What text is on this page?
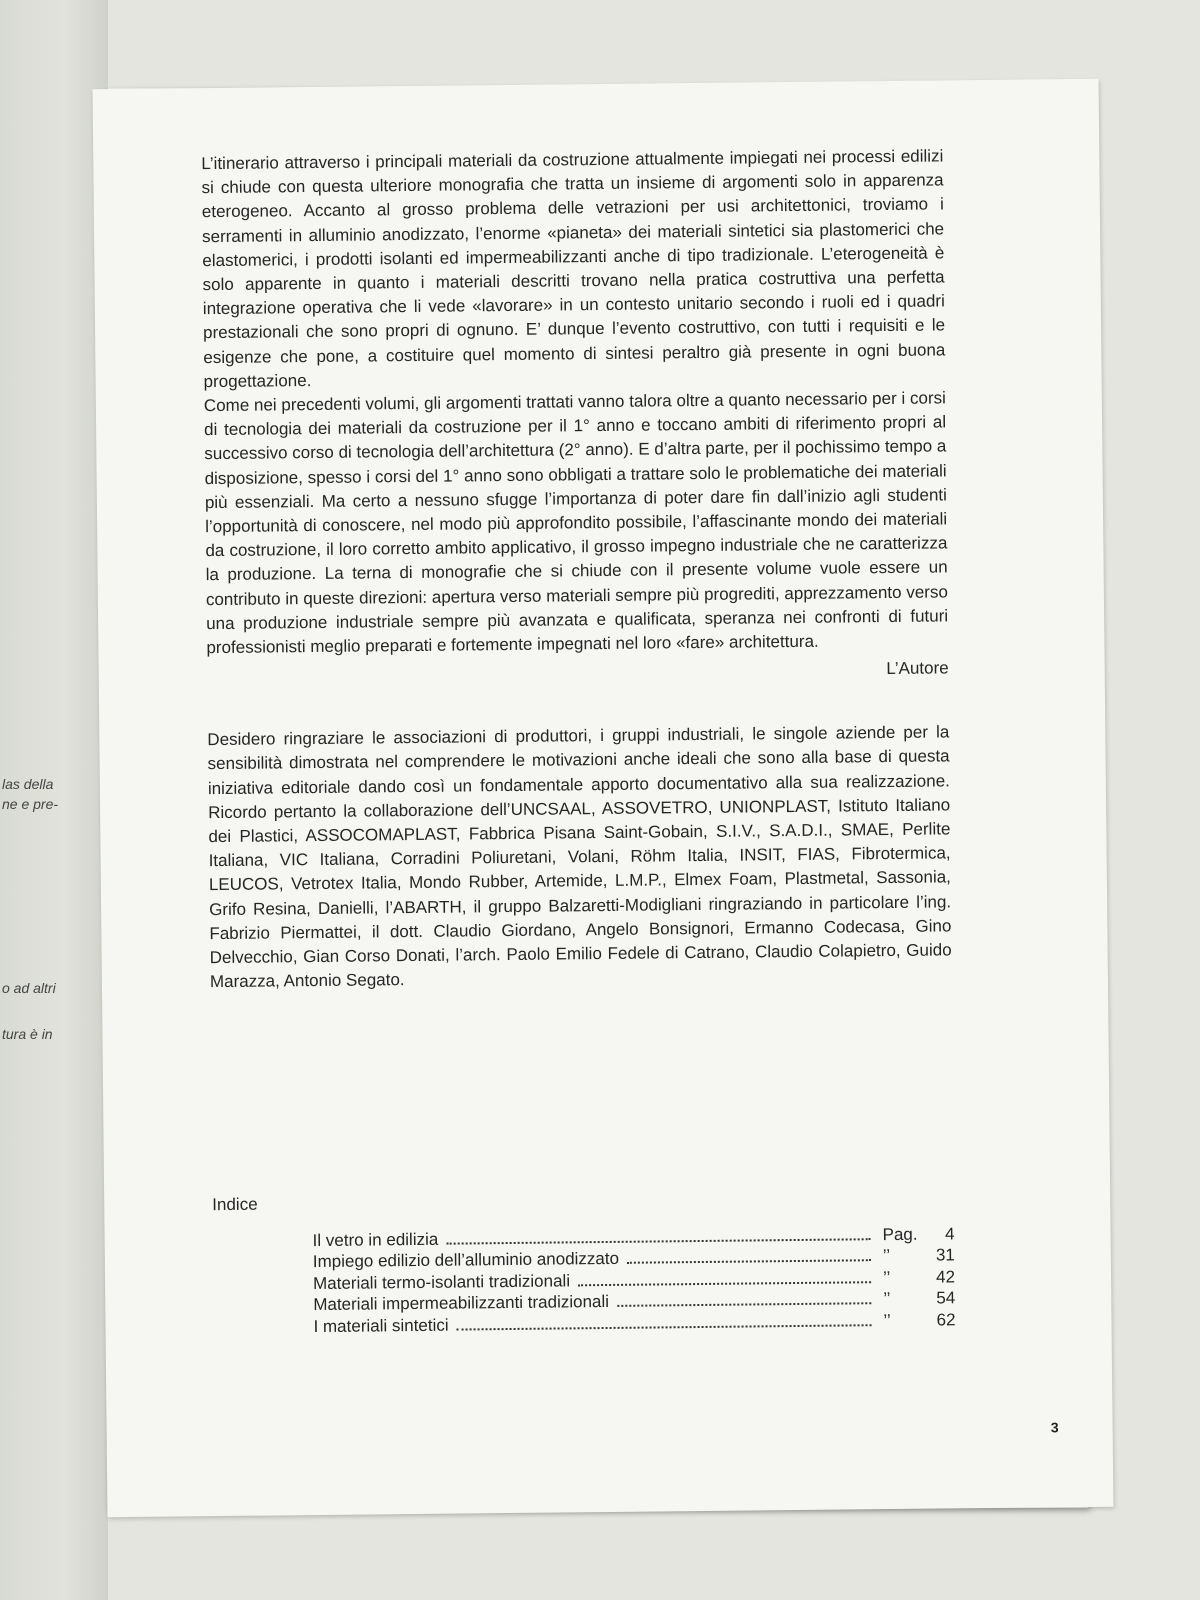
las della
ne e pre-
o ad altri
tura è in

L’itinerario attraverso i principali materiali da costruzione attualmente impiegati nei processi edilizi si chiude con questa ulteriore monografia che tratta un insieme di argomenti solo in apparenza eterogeneo. Accanto al grosso problema delle vetrazioni per usi architettonici, troviamo i serramenti in alluminio anodizzato, l’enorme «pianeta» dei materiali sintetici sia plastomerici che elastomerici, i prodotti isolanti ed impermeabilizzanti anche di tipo tradizionale. L’eterogeneità è solo apparente in quanto i materiali descritti trovano nella pratica costruttiva una perfetta integrazione operativa che li vede «lavorare» in un contesto unitario secondo i ruoli ed i quadri prestazionali che sono propri di ognuno. E’ dunque l’evento costruttivo, con tutti i requisiti e le esigenze che pone, a costituire quel momento di sintesi peraltro già presente in ogni buona progettazione.

Come nei precedenti volumi, gli argomenti trattati vanno talora oltre a quanto necessario per i corsi di tecnologia dei materiali da costruzione per il 1° anno e toccano ambiti di riferimento propri al successivo corso di tecnologia dell’architettura (2° anno). E d’altra parte, per il pochissimo tempo a disposizione, spesso i corsi del 1° anno sono obbligati a trattare solo le problematiche dei materiali più essenziali. Ma certo a nessuno sfugge l’importanza di poter dare fin dall’inizio agli studenti l’opportunità di conoscere, nel modo più approfondito possibile, l’affascinante mondo dei materiali da costruzione, il loro corretto ambito applicativo, il grosso impegno industriale che ne caratterizza la produzione. La terna di monografie che si chiude con il presente volume vuole essere un contributo in queste direzioni: apertura verso materiali sempre più progrediti, apprezzamento verso una produzione industriale sempre più avanzata e qualificata, speranza nei confronti di futuri professionisti meglio preparati e fortemente impegnati nel loro «fare» architettura.

L’Autore

Desidero ringraziare le associazioni di produttori, i gruppi industriali, le singole aziende per la sensibilità dimostrata nel comprendere le motivazioni anche ideali che sono alla base di questa iniziativa editoriale dando così un fondamentale apporto documentativo alla sua realizzazione. Ricordo pertanto la collaborazione dell’UNCSAAL, ASSOVETRO, UNIONPLAST, Istituto Italiano dei Plastici, ASSOCOMAPLAST, Fabbrica Pisana Saint-Gobain, S.I.V., S.A.D.I., SMAE, Perlite Italiana, VIC Italiana, Corradini Poliuretani, Volani, Röhm Italia, INSIT, FIAS, Fibrotermica, LEUCOS, Vetrotex Italia, Mondo Rubber, Artemide, L.M.P., Elmex Foam, Plastmetal, Sassonia, Grifo Resina, Danielli, l’ABARTH, il gruppo Balzaretti-Modigliani ringraziando in particolare l’ing. Fabrizio Piermattei, il dott. Claudio Giordano, Angelo Bonsignori, Ermanno Codecasa, Gino Delvecchio, Gian Corso Donati, l’arch. Paolo Emilio Fedele di Catrano, Claudio Colapietro, Guido Marazza, Antonio Segato.

Indice
Il vetro in edilizia	Pag.	4
Impiego edilizio dell’alluminio anodizzato	’’	31
Materiali termo-isolanti tradizionali	’’	42
Materiali impermeabilizzanti tradizionali	’’	54
I materiali sintetici	’’	62
3
